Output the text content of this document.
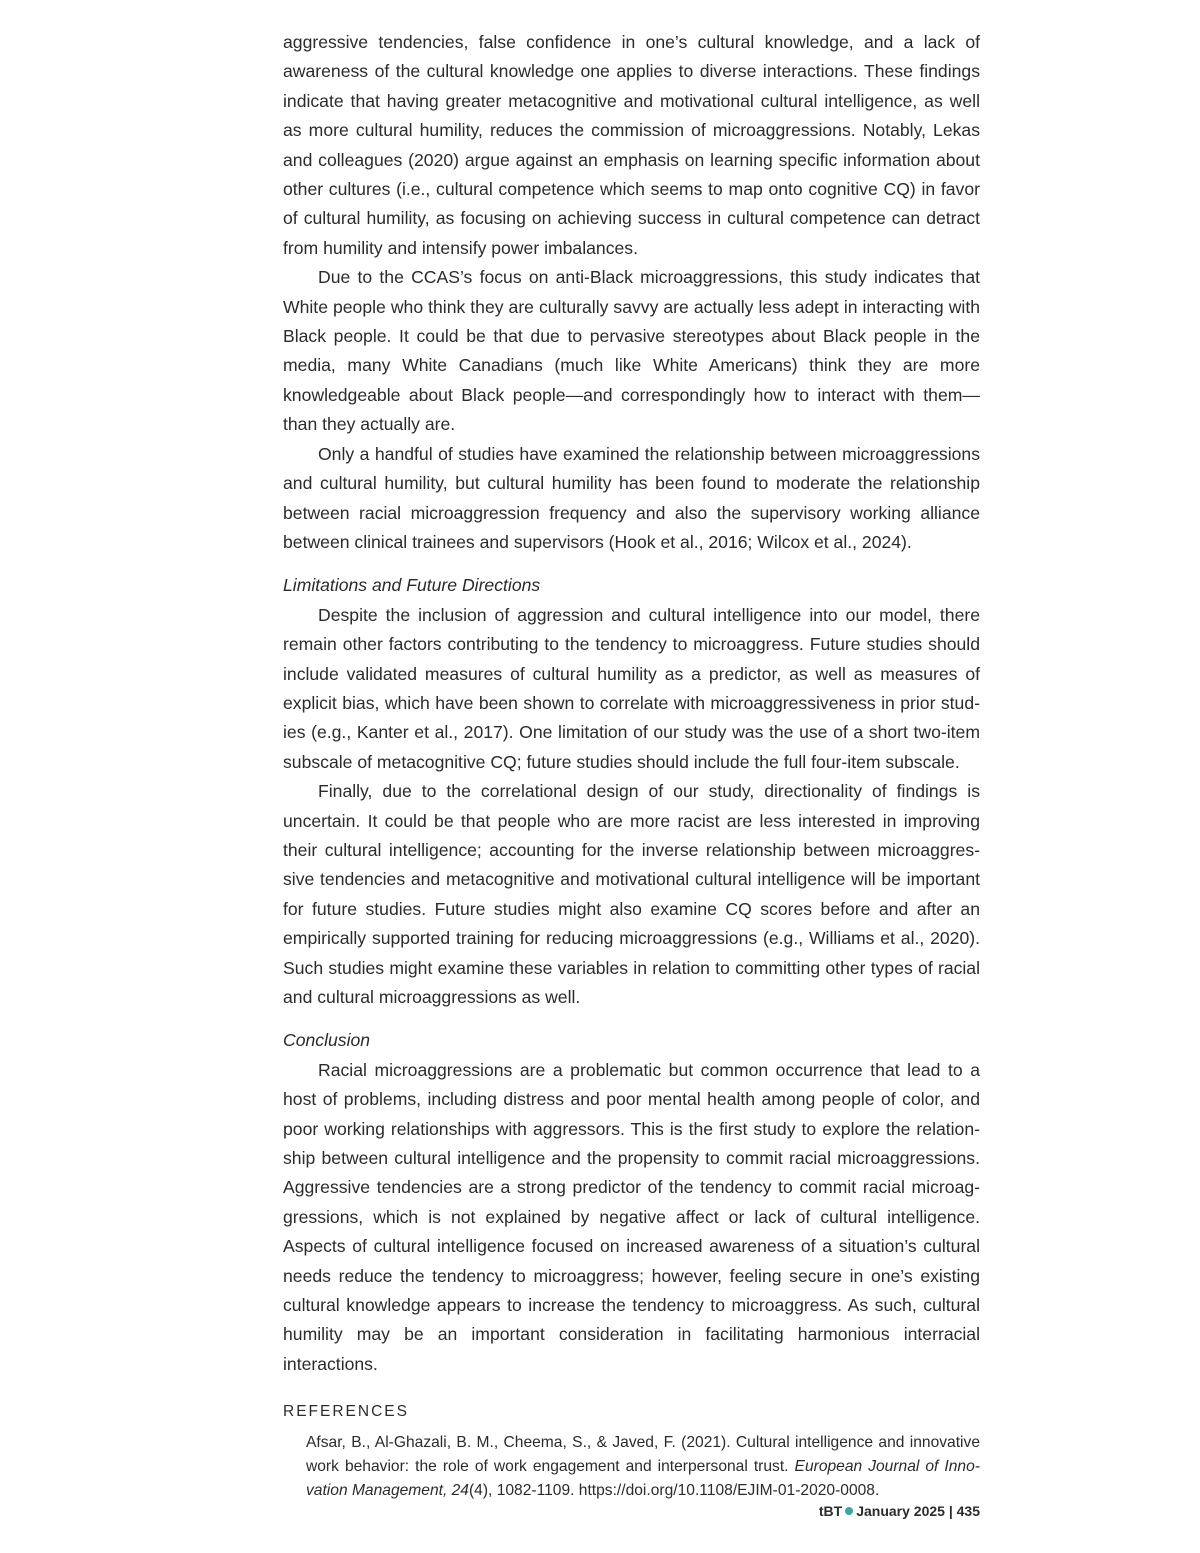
aggressive tendencies, false confidence in one’s cultural knowledge, and a lack of awareness of the cultural knowledge one applies to diverse interactions. These findings indicate that having greater metacognitive and motivational cultural intelligence, as well as more cultural humility, reduces the commission of microaggressions. Notably, Lekas and colleagues (2020) argue against an emphasis on learning specific information about other cultures (i.e., cultural competence which seems to map onto cognitive CQ) in favor of cultural humility, as focusing on achieving success in cultural competence can detract from humility and intensify power imbalances.

Due to the CCAS’s focus on anti-Black microaggressions, this study indicates that White people who think they are culturally savvy are actually less adept in interacting with Black people. It could be that due to pervasive stereotypes about Black people in the media, many White Canadians (much like White Americans) think they are more knowledgeable about Black people—and correspondingly how to interact with them— than they actually are.

Only a handful of studies have examined the relationship between microaggressions and cultural humility, but cultural humility has been found to moderate the relationship between racial microaggression frequency and also the supervisory working alliance between clinical trainees and supervisors (Hook et al., 2016; Wilcox et al., 2024).

Limitations and Future Directions

Despite the inclusion of aggression and cultural intelligence into our model, there remain other factors contributing to the tendency to microaggress. Future studies should include validated measures of cultural humility as a predictor, as well as measures of explicit bias, which have been shown to correlate with microaggressiveness in prior studies (e.g., Kanter et al., 2017). One limitation of our study was the use of a short two-item subscale of metacognitive CQ; future studies should include the full four-item subscale.

Finally, due to the correlational design of our study, directionality of findings is uncertain. It could be that people who are more racist are less interested in improving their cultural intelligence; accounting for the inverse relationship between microaggressive tendencies and metacognitive and motivational cultural intelligence will be important for future studies. Future studies might also examine CQ scores before and after an empirically supported training for reducing microaggressions (e.g., Williams et al., 2020). Such studies might examine these variables in relation to committing other types of racial and cultural microaggressions as well.

Conclusion

Racial microaggressions are a problematic but common occurrence that lead to a host of problems, including distress and poor mental health among people of color, and poor working relationships with aggressors. This is the first study to explore the relationship between cultural intelligence and the propensity to commit racial microaggressions. Aggressive tendencies are a strong predictor of the tendency to commit racial microaggressions, which is not explained by negative affect or lack of cultural intelligence. Aspects of cultural intelligence focused on increased awareness of a situation’s cultural needs reduce the tendency to microaggress; however, feeling secure in one’s existing cultural knowledge appears to increase the tendency to microaggress. As such, cultural humility may be an important consideration in facilitating harmonious interracial interactions.

REFERENCES

Afsar, B., Al-Ghazali, B. M., Cheema, S., & Javed, F. (2021). Cultural intelligence and innovative work behavior: the role of work engagement and interpersonal trust. European Journal of Innovation Management, 24(4), 1082-1109. https://doi.org/10.1108/EJIM-01-2020-0008.

tBT January 2025 | 435
